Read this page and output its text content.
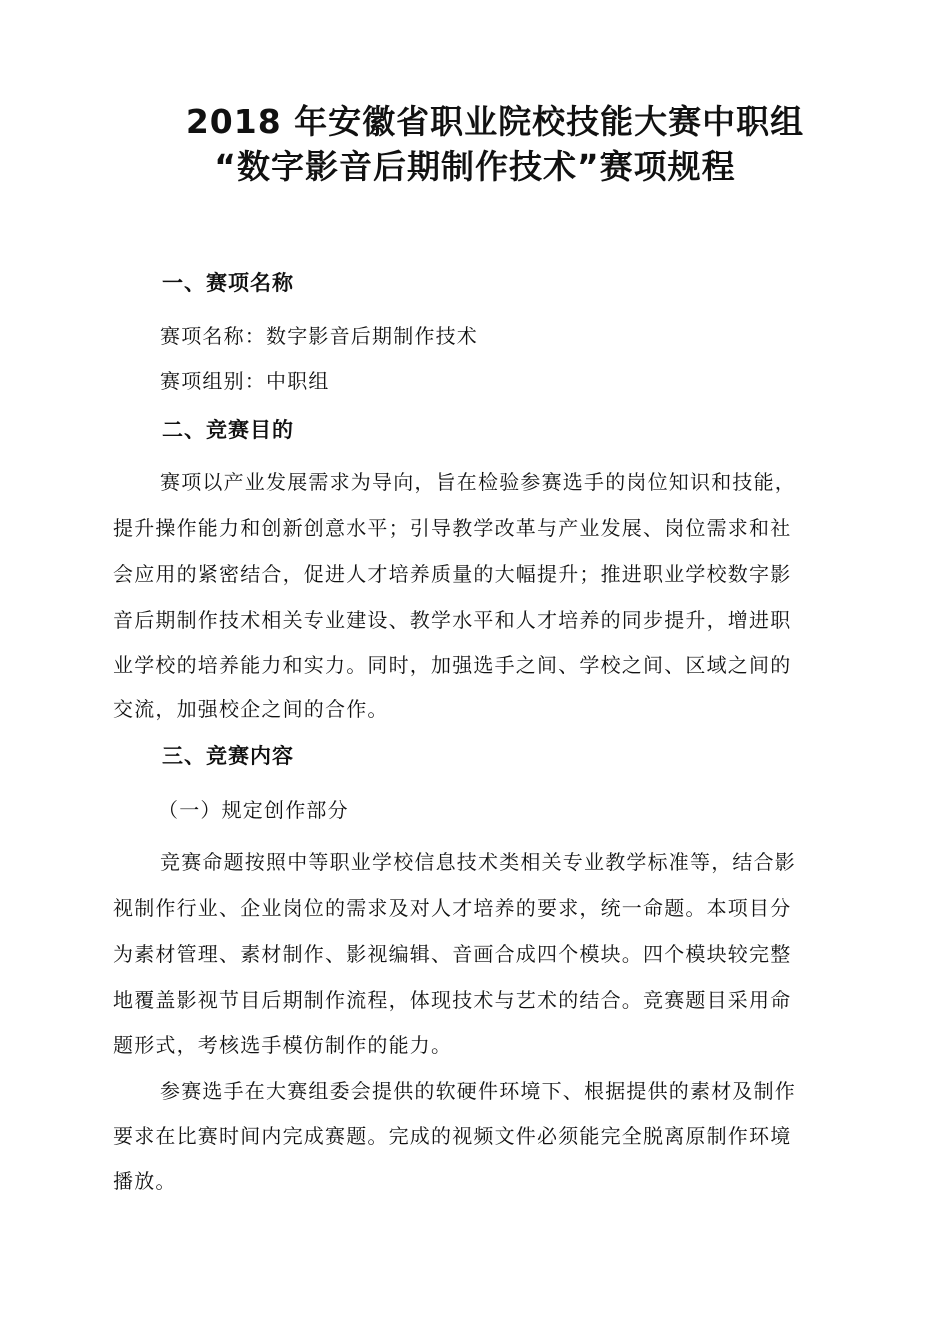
2018 年安徽省职业院校技能大赛中职组
“数字影音后期制作技术”赛项规程
一、赛项名称
赛项名称：数字影音后期制作技术
赛项组别：中职组
二、竞赛目的
赛项以产业发展需求为导向，旨在检验参赛选手的岗位知识和技能，
提升操作能力和创新创意水平；引导教学改革与产业发展、岗位需求和社
会应用的紧密结合，促进人才培养质量的大幅提升；推进职业学校数字影
音后期制作技术相关专业建设、教学水平和人才培养的同步提升，增进职
业学校的培养能力和实力。同时，加强选手之间、学校之间、区域之间的
交流，加强校企之间的合作。
三、竞赛内容
（一）规定创作部分
竞赛命题按照中等职业学校信息技术类相关专业教学标准等，结合影
视制作行业、企业岗位的需求及对人才培养的要求，统一命题。本项目分
为素材管理、素材制作、影视编辑、音画合成四个模块。四个模块较完整
地覆盖影视节目后期制作流程，体现技术与艺术的结合。竞赛题目采用命
题形式，考核选手模仿制作的能力。
参赛选手在大赛组委会提供的软硬件环境下、根据提供的素材及制作
要求在比赛时间内完成赛题。完成的视频文件必须能完全脱离原制作环境
播放。
